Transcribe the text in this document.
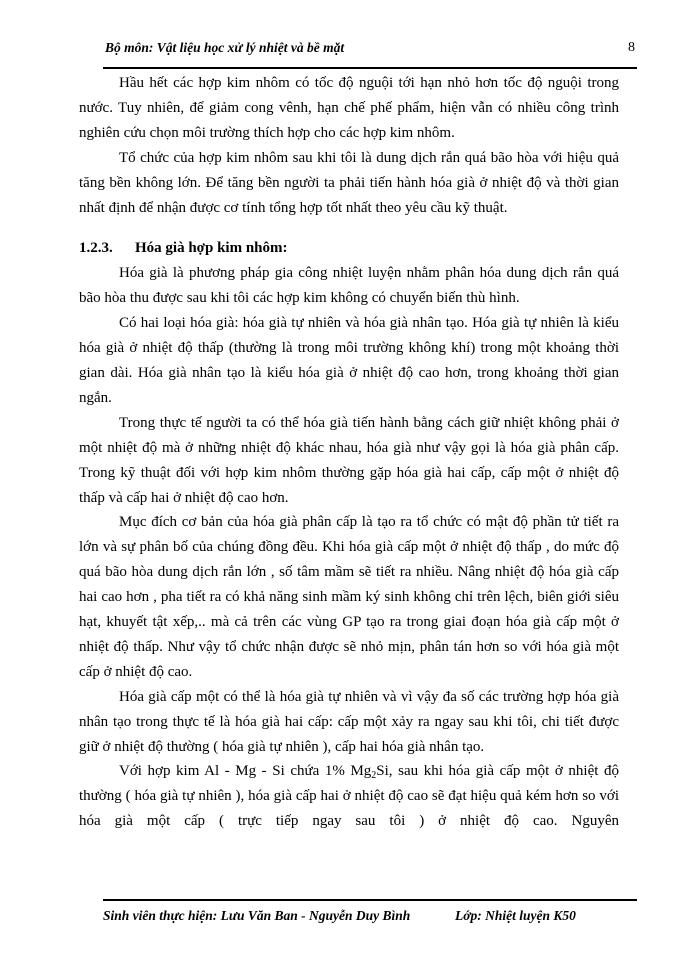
Bộ môn: Vật liệu học xử lý nhiệt và bề mặt	8

Hầu hết các hợp kim nhôm có tốc độ nguội tới hạn nhỏ hơn tốc độ nguội trong nước. Tuy nhiên, để giảm cong vênh, hạn chế phế phẩm, hiện vẫn có nhiều công trình nghiên cứu chọn môi trường thích hợp cho các hợp kim nhôm.

Tổ chức của hợp kim nhôm sau khi tôi là dung dịch rắn quá bão hòa với hiệu quả tăng bền không lớn. Để tăng bền người ta phải tiến hành hóa già ở nhiệt độ và thời gian nhất định để nhận được cơ tính tổng hợp tốt nhất theo yêu cầu kỹ thuật.

1.2.3. Hóa già hợp kim nhôm:

Hóa già là phương pháp gia công nhiệt luyện nhằm phân hóa dung dịch rắn quá bão hòa thu được sau khi tôi các hợp kim không có chuyển biến thù hình.

Có hai loại hóa già: hóa già tự nhiên và hóa già nhân tạo. Hóa già tự nhiên là kiểu hóa già ở nhiệt độ thấp (thường là trong môi trường không khí) trong một khoảng thời gian dài. Hóa già nhân tạo là kiểu hóa già ở nhiệt độ cao hơn, trong khoảng thời gian ngắn.

Trong thực tế người ta có thể hóa già tiến hành bằng cách giữ nhiệt không phải ở một nhiệt độ mà ở những nhiệt độ khác nhau, hóa già như vậy gọi là hóa già phân cấp. Trong kỹ thuật đối với hợp kim nhôm thường gặp hóa già hai cấp, cấp một ở nhiệt độ thấp và cấp hai ở nhiệt độ cao hơn.

Mục đích cơ bản của hóa già phân cấp là tạo ra tổ chức có mật độ phần tử tiết ra lớn và sự phân bố của chúng đồng đều. Khi hóa già cấp một ở nhiệt độ thấp , do mức độ quá bão hòa dung dịch rắn lớn , số tâm mầm sẽ tiết ra nhiều. Nâng nhiệt độ hóa già cấp hai cao hơn , pha tiết ra có khả năng sinh mầm ký sinh không chỉ trên lệch, biên giới siêu hạt, khuyết tật xếp,.. mà cả trên các vùng GP tạo ra trong giai đoạn hóa già cấp một ở nhiệt độ thấp. Như vậy tổ chức nhận được sẽ nhỏ mịn, phân tán hơn so với hóa già một cấp ở nhiệt độ cao.

Hóa già cấp một có thể là hóa già tự nhiên và vì vậy đa số các trường hợp hóa già nhân tạo trong thực tế là hóa già hai cấp: cấp một xảy ra ngay sau khi tôi, chi tiết được giữ ở nhiệt độ thường ( hóa già tự nhiên ), cấp hai hóa già nhân tạo.

Với hợp kim Al - Mg - Si chứa 1% $Mg_2Si$, sau khi hóa già cấp một ở nhiệt độ thường ( hóa già tự nhiên ), hóa già cấp hai ở nhiệt độ cao sẽ đạt hiệu quả kém hơn so với hóa già một cấp ( trực tiếp ngay sau tôi ) ở nhiệt độ cao. Nguyên

Sinh viên thực hiện: Lưu Văn Ban - Nguyễn Duy Bình	Lớp: Nhiệt luyện K50
